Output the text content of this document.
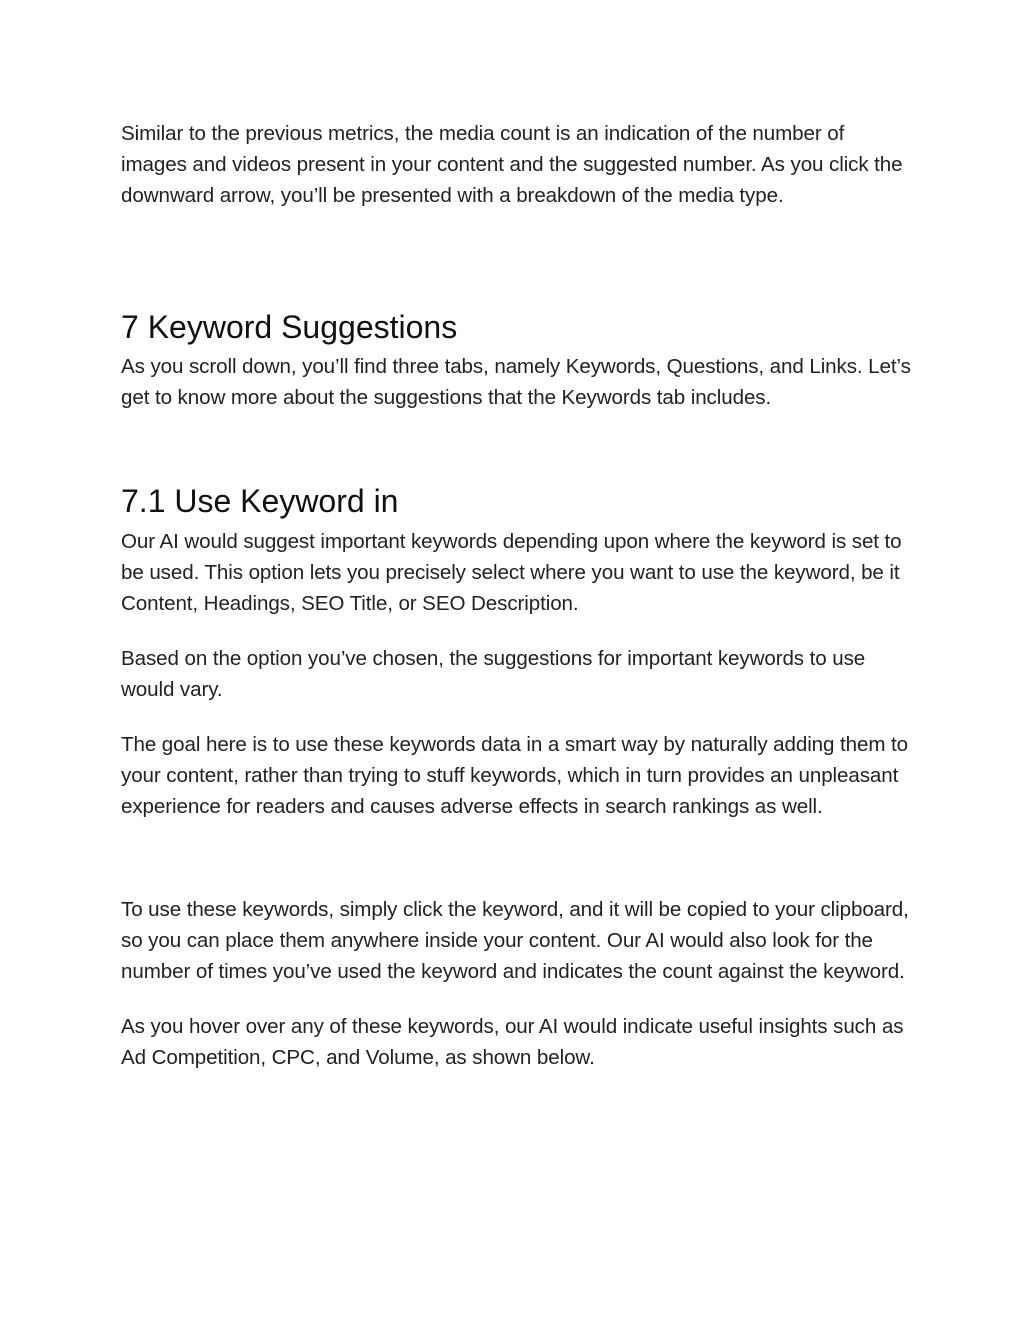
Similar to the previous metrics, the media count is an indication of the number of images and videos present in your content and the suggested number. As you click the downward arrow, you’ll be presented with a breakdown of the media type.

7 Keyword Suggestions

As you scroll down, you’ll find three tabs, namely Keywords, Questions, and Links. Let’s get to know more about the suggestions that the Keywords tab includes.

7.1 Use Keyword in

Our AI would suggest important keywords depending upon where the keyword is set to be used. This option lets you precisely select where you want to use the keyword, be it Content, Headings, SEO Title, or SEO Description.

Based on the option you’ve chosen, the suggestions for important keywords to use would vary.

The goal here is to use these keywords data in a smart way by naturally adding them to your content, rather than trying to stuff keywords, which in turn provides an unpleasant experience for readers and causes adverse effects in search rankings as well.

To use these keywords, simply click the keyword, and it will be copied to your clipboard, so you can place them anywhere inside your content. Our AI would also look for the number of times you’ve used the keyword and indicates the count against the keyword.

As you hover over any of these keywords, our AI would indicate useful insights such as Ad Competition, CPC, and Volume, as shown below.
